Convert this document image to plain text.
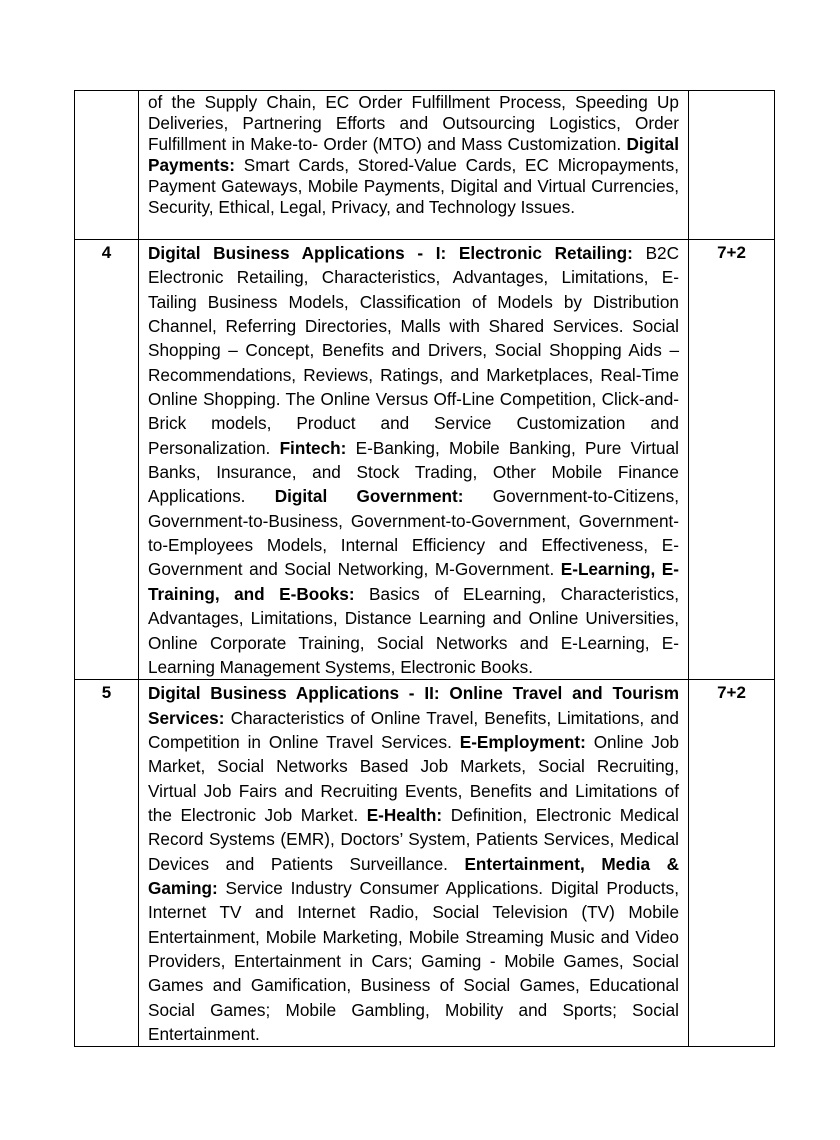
	of the Supply Chain, EC Order Fulfillment Process, Speeding Up Deliveries, Partnering Efforts and Outsourcing Logistics, Order Fulfillment in Make-to- Order (MTO) and Mass Customization. Digital Payments: Smart Cards, Stored-Value Cards, EC Micropayments, Payment Gateways, Mobile Payments, Digital and Virtual Currencies, Security, Ethical, Legal, Privacy, and Technology Issues.	
4	Digital Business Applications - I: Electronic Retailing: B2C Electronic Retailing, Characteristics, Advantages, Limitations, E-Tailing Business Models, Classification of Models by Distribution Channel, Referring Directories, Malls with Shared Services. Social Shopping – Concept, Benefits and Drivers, Social Shopping Aids – Recommendations, Reviews, Ratings, and Marketplaces, Real-Time Online Shopping. The Online Versus Off-Line Competition, Click-and-Brick models, Product and Service Customization and Personalization. Fintech: E-Banking, Mobile Banking, Pure Virtual Banks, Insurance, and Stock Trading, Other Mobile Finance Applications. Digital Government: Government-to-Citizens, Government-to-Business, Government-to-Government, Government-to-Employees Models, Internal Efficiency and Effectiveness, E-Government and Social Networking, M-Government. E-Learning, E-Training, and E-Books: Basics of ELearning, Characteristics, Advantages, Limitations, Distance Learning and Online Universities, Online Corporate Training, Social Networks and E-Learning, E-Learning Management Systems, Electronic Books.	7+2
5	Digital Business Applications - II: Online Travel and Tourism Services: Characteristics of Online Travel, Benefits, Limitations, and Competition in Online Travel Services. E-Employment: Online Job Market, Social Networks Based Job Markets, Social Recruiting, Virtual Job Fairs and Recruiting Events, Benefits and Limitations of the Electronic Job Market. E-Health: Definition, Electronic Medical Record Systems (EMR), Doctors’ System, Patients Services, Medical Devices and Patients Surveillance. Entertainment, Media & Gaming: Service Industry Consumer Applications. Digital Products, Internet TV and Internet Radio, Social Television (TV) Mobile Entertainment, Mobile Marketing, Mobile Streaming Music and Video Providers, Entertainment in Cars; Gaming - Mobile Games, Social Games and Gamification, Business of Social Games, Educational Social Games; Mobile Gambling, Mobility and Sports; Social Entertainment.	7+2
